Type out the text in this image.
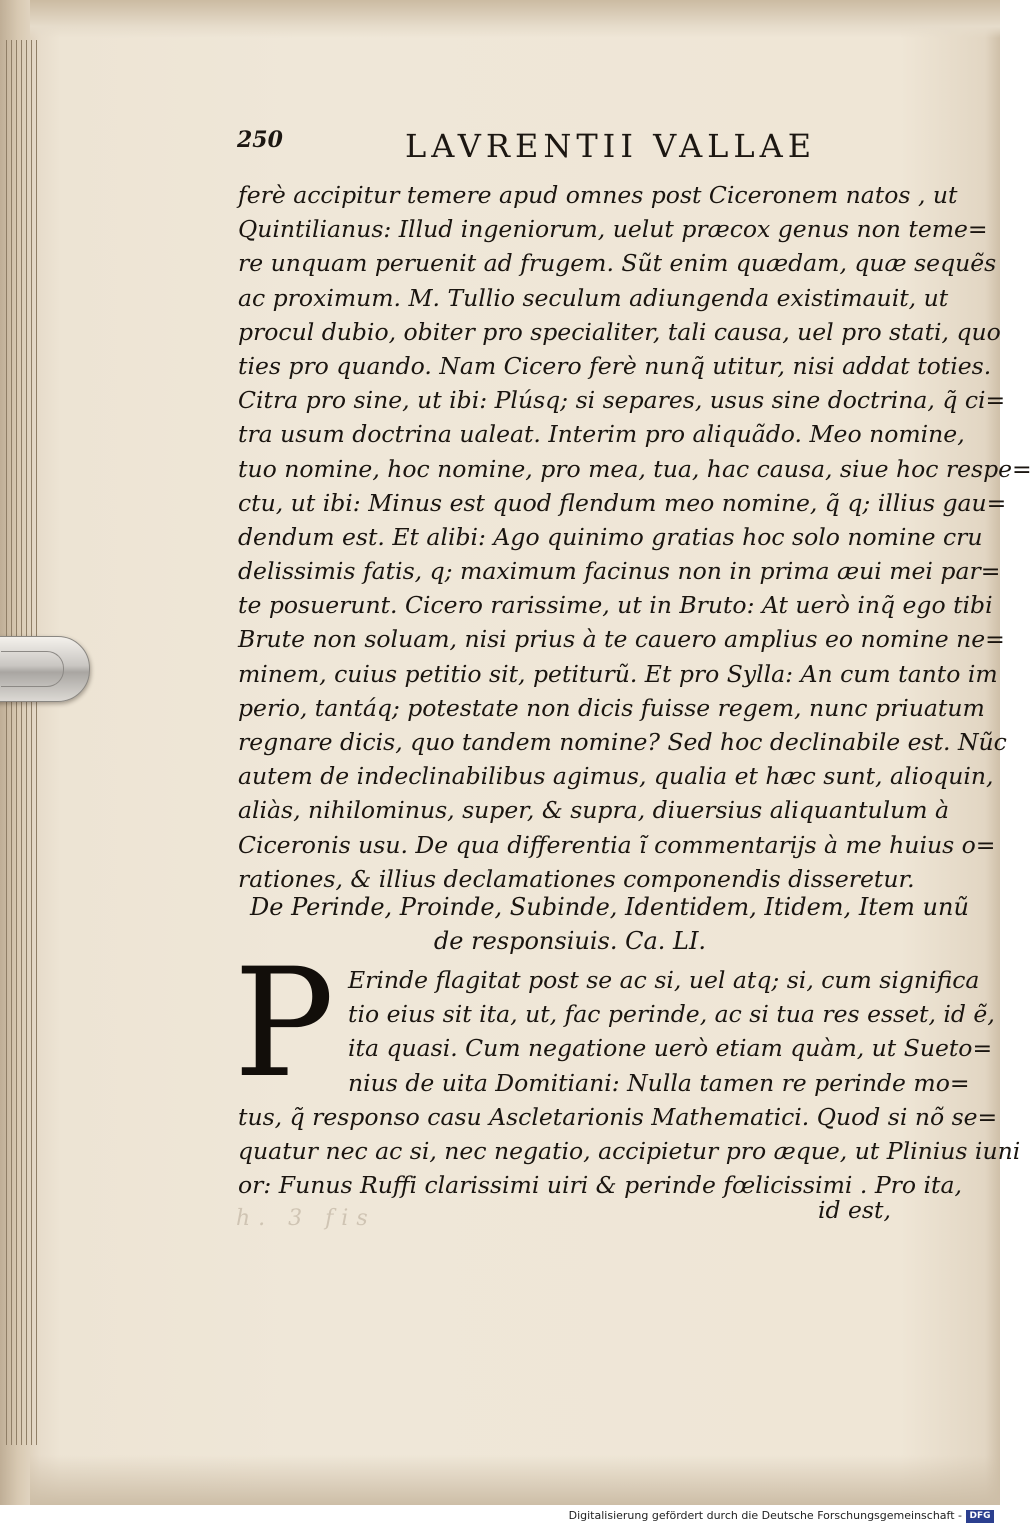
250	LAVRENTII VALLAE
ferè accipitur temere apud omnes post Ciceronem natos , ut
Quintilianus: Illud ingeniorum, uelut præcox genus non teme=
re unquam peruenit ad frugem. Sũt enim quædam, quæ sequẽs
ac proximum. M. Tullio seculum adiungenda existimauit, ut
procul dubio, obiter pro specialiter, tali causa, uel pro stati, quo
ties pro quando. Nam Cicero ferè nunq̃ utitur, nisi addat toties.
Citra pro sine, ut ibi: Plúsq; si separes, usus sine doctrina, q̃ ci=
tra usum doctrina ualeat. Interim pro aliquãdo. Meo nomine,
tuo nomine, hoc nomine, pro mea, tua, hac causa, siue hoc respe=
ctu, ut ibi: Minus est quod flendum meo nomine, q̃ q; illius gau=
dendum est. Et alibi: Ago quinimo gratias hoc solo nomine cru
delissimis fatis, q; maximum facinus non in prima æui mei par=
te posuerunt. Cicero rarissime, ut in Bruto: At uerò inq̃ ego tibi
Brute non soluam, nisi prius à te cauero amplius eo nomine ne=
minem, cuius petitio sit, petiturũ. Et pro Sylla: An cum tanto im
perio, tantáq; potestate non dicis fuisse regem, nunc priuatum
regnare dicis, quo tandem nomine? Sed hoc declinabile est. Nũc
autem de indeclinabilibus agimus, qualia et hæc sunt, alioquin,
aliàs, nihilominus, super, & supra, diuersius aliquantulum à
Ciceronis usu. De qua differentia ĩ commentarijs à me huius o=
rationes, & illius declamationes componendis disseretur.
De Perinde, Proinde, Subinde, Identidem, Itidem, Item unũ
de responsiuis. Ca. LI.
P Erinde flagitat post se ac si, uel atq; si, cum significa
tio eius sit ita, ut, fac perinde, ac si tua res esset, id ẽ,
ita quasi. Cum negatione uerò etiam quàm, ut Sueto=
nius de uita Domitiani: Nulla tamen re perinde mo=
tus, q̃ responso casu Ascletarionis Mathematici. Quod si nõ se=
quatur nec ac si, nec negatio, accipietur pro æque, ut Plinius iuni
or: Funus Ruffi clarissimi uiri & perinde fœlicissimi . Pro ita,
h. 3 fis	id est,
Digitalisierung gefördert durch die Deutsche Forschungsgemeinschaft - DFG
